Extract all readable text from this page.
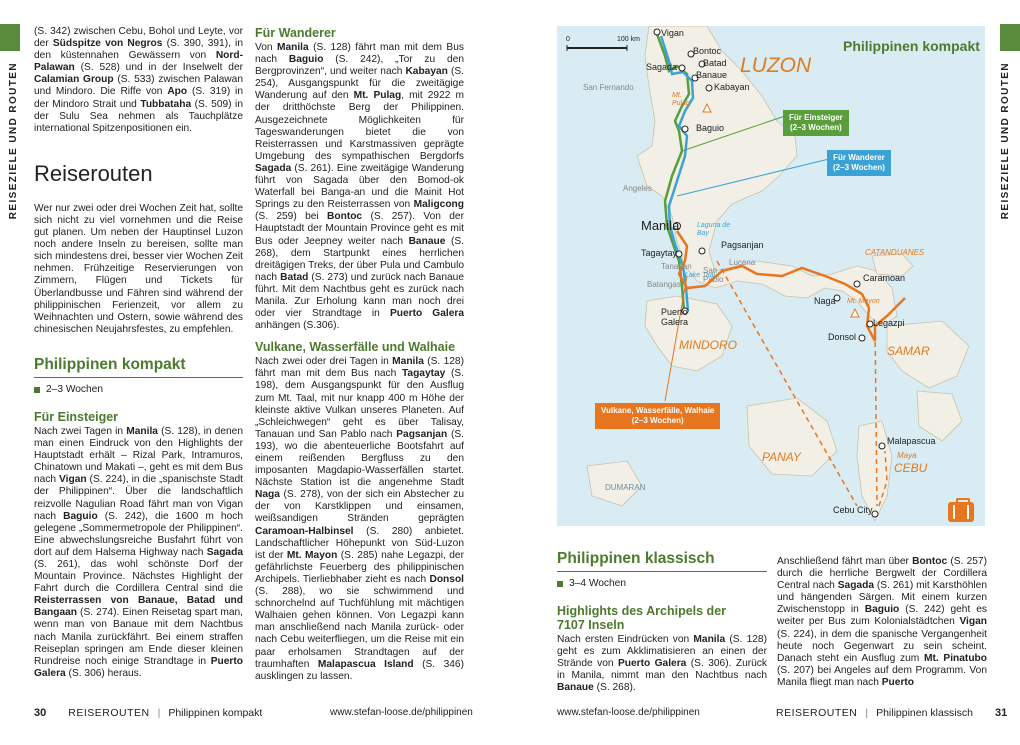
REISEZIELE UND ROUTEN

(S. 342) zwischen Cebu, Bohol und Leyte, vor der Südspitze von Negros (S. 390, 391), in den küstennahen Gewässern von Nord-Palawan (S. 528) und in der Inselwelt der Calamian Group (S. 533) zwischen Palawan und Mindoro. Die Riffe von Apo (S. 319) in der Mindoro Strait und Tubbataha (S. 509) in der Sulu Sea nehmen als Tauchplätze international Spitzenpositionen ein.

Reiserouten

Wer nur zwei oder drei Wochen Zeit hat, sollte sich nicht zu viel vornehmen und die Reise gut planen. Um neben der Hauptinsel Luzon noch andere Inseln zu bereisen, sollte man sich mindestens drei, besser vier Wochen Zeit nehmen. Frühzeitige Reservierungen von Zimmern, Flügen und Tickets für Überlandbusse und Fähren sind während der philippinischen Ferienzeit, vor allem zu Weihnachten und Ostern, sowie während des chinesischen Neujahrsfestes, zu empfehlen.

Philippinen kompakt
2–3 Wochen
Für Einsteiger

Nach zwei Tagen in Manila (S. 128), in denen man einen Eindruck von den Highlights der Hauptstadt erhält – Rizal Park, Intramuros, Chinatown und Makati –, geht es mit dem Bus nach Vigan (S. 224), in die „spanischste Stadt der Philippinen“. Über die landschaftlich reizvolle Nagulian Road fährt man von Vigan nach Baguio (S. 242), die 1600 m hoch gelegene „Sommermetropole der Philippinen“. Eine abwechslungsreiche Busfahrt führt von dort auf dem Halsema Highway nach Sagada (S. 261), das wohl schönste Dorf der Mountain Province. Nächstes Highlight der Fahrt durch die Cordillera Central sind die Reisterrassen von Banaue, Batad und Bangaan (S. 274). Einen Reisetag spart man, wenn man von Banaue mit dem Nachtbus nach Manila zurückfährt. Bei einem straffen Reiseplan springen am Ende dieser kleinen Rundreise noch einige Strandtage in Puerto Galera (S. 306) heraus.

Für Wanderer

Von Manila (S. 128) fährt man mit dem Bus nach Baguio (S. 242), „Tor zu den Bergprovinzen“, und weiter nach Kabayan (S. 254), Ausgangspunkt für die zweitägige Wanderung auf den Mt. Pulag, mit 2922 m der dritthöchste Berg der Philippinen. Ausgezeichnete Möglichkeiten für Tageswanderungen bietet die von Reisterrassen und Karstmassiven geprägte Umgebung des sympathischen Bergdorfs Sagada (S. 261). Eine zweitägige Wanderung führt von Sagada über den Bomod-ok Waterfall bei Banga-an und die Mainit Hot Springs zu den Reisterrassen von Maligcong (S. 259) bei Bontoc (S. 257). Von der Hauptstadt der Mountain Province geht es mit Bus oder Jeepney weiter nach Banaue (S. 268), dem Startpunkt eines herrlichen dreitägigen Treks, der über Pula und Cambulo nach Batad (S. 273) und zurück nach Banaue führt. Mit dem Nachtbus geht es zurück nach Manila. Zur Erholung kann man noch drei oder vier Strandtage in Puerto Galera anhängen (S.306).

Vulkane, Wasserfälle und Walhaie

Nach zwei oder drei Tagen in Manila (S. 128) fährt man mit dem Bus nach Tagaytay (S. 198), dem Ausgangspunkt für den Ausflug zum Mt. Taal, mit nur knapp 400 m Höhe der kleinste aktive Vulkan unseres Planeten. Auf „Schleichwegen“ geht es über Talisay, Tanauan und San Pablo nach Pagsanjan (S. 193), wo die abenteuerliche Bootsfahrt auf einem reißenden Bergfluss zu den imposanten Magdapio-Wasserfällen startet. Nächste Station ist die angenehme Stadt Naga (S. 278), von der sich ein Abstecher zu der von Karstklippen und einsamen, weißsandigen Stränden geprägten Caramoan-Halbinsel (S. 280) anbietet. Landschaftlicher Höhepunkt von Süd-Luzon ist der Mt. Mayon (S. 285) nahe Legazpi, der gefährlichste Feuerberg des philippinischen Archipels. Tierliebhaber zieht es nach Donsol (S. 288), wo sie schwimmend und schnorchelnd auf Tuchfühlung mit mächtigen Walhaien gehen können. Von Legazpi kann man anschließend nach Manila zurück- oder nach Cebu weiterfliegen, um die Reise mit ein paar erholsamen Strandtagen auf der traumhaften Malapascua Island (S. 346) ausklingen zu lassen.

30 REISEROUTEN | Philippinen kompakt	www.stefan-loose.de/philippinen
REISEZIELE UND ROUTEN
0	100 km	Philippinen kompakt
Für Einsteiger
(2–3 Wochen)
Für Wanderer
(2–3 Wochen)
Vulkane, Wasserfälle, Walhaie
(2–3 Wochen)
LUZON
MINDORO	SAMAR
PANAY
CEBU
CATANDUANES
DUMARAN
Maya
Lake Taal
Laguna de
Bay
San Fernando
Angeles
Lucena
Batangas
Tanauan San
Pablo
Mt.
Pulag
Mt. Mayon
Vigan
Bontoc
Batad
Banaue
Sagada
Kabayan
Baguio
Manila
Tagaytay
Pagsanjan
Caramoan
Naga
Legazpi
Donsol
Puerto
Galera
Malapascua
Cebu City
Philippinen klassisch
3–4 Wochen
Highlights des Archipels der
7107 Inseln

Nach ersten Eindrücken von Manila (S. 128) geht es zum Akklimatisieren an einen der Strände von Puerto Galera (S. 306). Zurück in Manila, nimmt man den Nachtbus nach Banaue (S. 268).

Anschließend fährt man über Bontoc (S. 257) durch die herrliche Bergwelt der Cordillera Central nach Sagada (S. 261) mit Karsthöhlen und hängenden Särgen. Mit einem kurzen Zwischenstopp in Baguio (S. 242) geht es weiter per Bus zum Kolonialstädtchen Vigan (S. 224), in dem die spanische Vergangenheit heute noch Gegenwart zu sein scheint. Danach steht ein Ausflug zum Mt. Pinatubo (S. 207) bei Angeles auf dem Programm. Von Manila fliegt man nach Puerto

www.stefan-loose.de/philippinen	REISEROUTEN | Philippinen klassisch 31
